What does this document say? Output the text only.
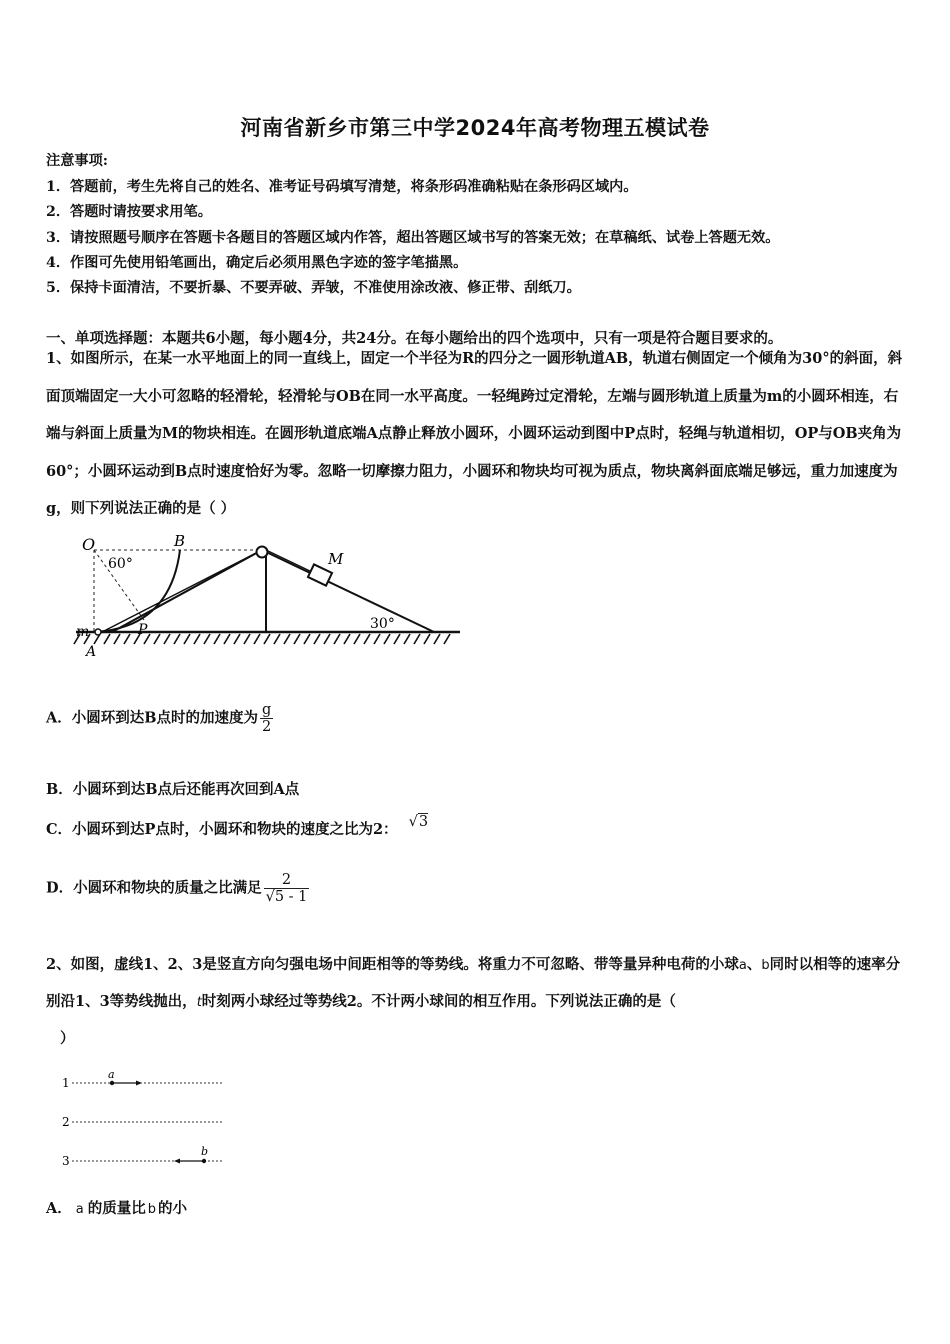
河南省新乡市第三中学2024年高考物理五模试卷
注意事项:
1．答题前，考生先将自己的姓名、准考证号码填写清楚，将条形码准确粘贴在条形码区域内。
2．答题时请按要求用笔。
3．请按照题号顺序在答题卡各题目的答题区域内作答，超出答题区域书写的答案无效；在草稿纸、试卷上答题无效。
4．作图可先使用铅笔画出，确定后必须用黑色字迹的签字笔描黑。
5．保持卡面清洁，不要折暴、不要弄破、弄皱，不准使用涂改液、修正带、刮纸刀。
一、单项选择题：本题共6小题，每小题4分，共24分。在每小题给出的四个选项中，只有一项是符合题目要求的。
1、如图所示，在某一水平地面上的同一直线上，固定一个半径为R的四分之一圆形轨道AB，轨道右侧固定一个倾角为30°的斜面，斜面顶端固定一大小可忽略的轻滑轮，轻滑轮与OB在同一水平高度。一轻绳跨过定滑轮，左端与圆形轨道上质量为m的小圆环相连，右端与斜面上质量为M的物块相连。在圆形轨道底端A点静止释放小圆环，小圆环运动到图中P点时，轻绳与轨道相切，OP与OB夹角为60°；小圆环运动到B点时速度恰好为零。忽略一切摩擦力阻力，小圆环和物块均可视为质点，物块离斜面底端足够远，重力加速度为g，则下列说法正确的是（ ）
O
60°
B
P
M
m
A
30°
A．小圆环到达B点时的加速度为 $\frac{g}{2}$
B．小圆环到达B点后还能再次回到A点
C．小圆环到达P点时，小圆环和物块的速度之比为2： √3
D．小圆环和物块的质量之比满足 $\frac{2}{√5 - 1}$
2、如图，虚线1、2、3是竖直方向匀强电场中间距相等的等势线。将重力不可忽略、带等量异种电荷的小球a、b同时以相等的速率分别沿1、3等势线抛出，t时刻两小球经过等势线2。不计两小球间的相互作用。下列说法正确的是（
）
1
2
3
a
b
A． a 的质量比 b 的小
